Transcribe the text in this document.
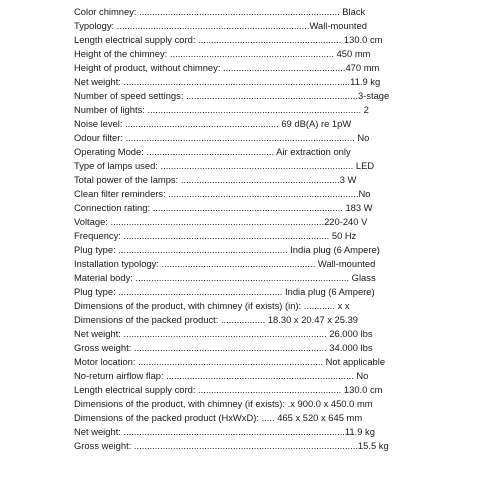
Color chimney: ............................................................................. Black
Typology: ..........................................................................Wall-mounted
Length electrical supply cord: ....................................................... 130.0 cm
Height of the chimney: ............................................................... 450 mm
Height of product, without chimney: ...............................................470 mm
Net weight: .......................................................................................11.9 kg
Number of speed settings: ..................................................................3-stage
Number of lights: .................................................................................. 2
Noise level: ........................................................... 69 dB(A) re 1pW
Odour filter: ........................................................................................ No
Operating Mode: ................................................. Air extraction only
Type of lamps used: .......................................................................... LED
Total power of the lamps: .............................................................3 W
Clean filter reminders: .........................................................................No
Connection rating: ......................................................................... 183 W
Voltage: ..................................................................................220-240 V
Frequency: ............................................................................... 50 Hz
Plug type: ................................................................. India plug (6 Ampere)
Installation typology: ........................................................... Wall-mounted
Material body: .................................................................................. Glass
Plug type: ............................................................... India plug (6 Ampere)
Dimensions of the product, with chimney (if exists) (in): ............ x x
Dimensions of the packed product: ................. 18.30 x 20.47 x 25.39
Net weight: .............................................................................. 26.000 lbs
Gross weight: .......................................................................... 34.000 lbs
Motor location: ....................................................................... Not applicable
No-return airflow flap: ........................................................................ No
Length electrical supply cord: ....................................................... 130.0 cm
Dimensions of the product, with chimney (if exists): .x 900.0 x 450.0 mm
Dimensions of the packed product (HxWxD): ..... 465 x 520 x 645 mm
Net weight: .....................................................................................11.9 kg
Gross weight: ......................................................................................15.5 kg
